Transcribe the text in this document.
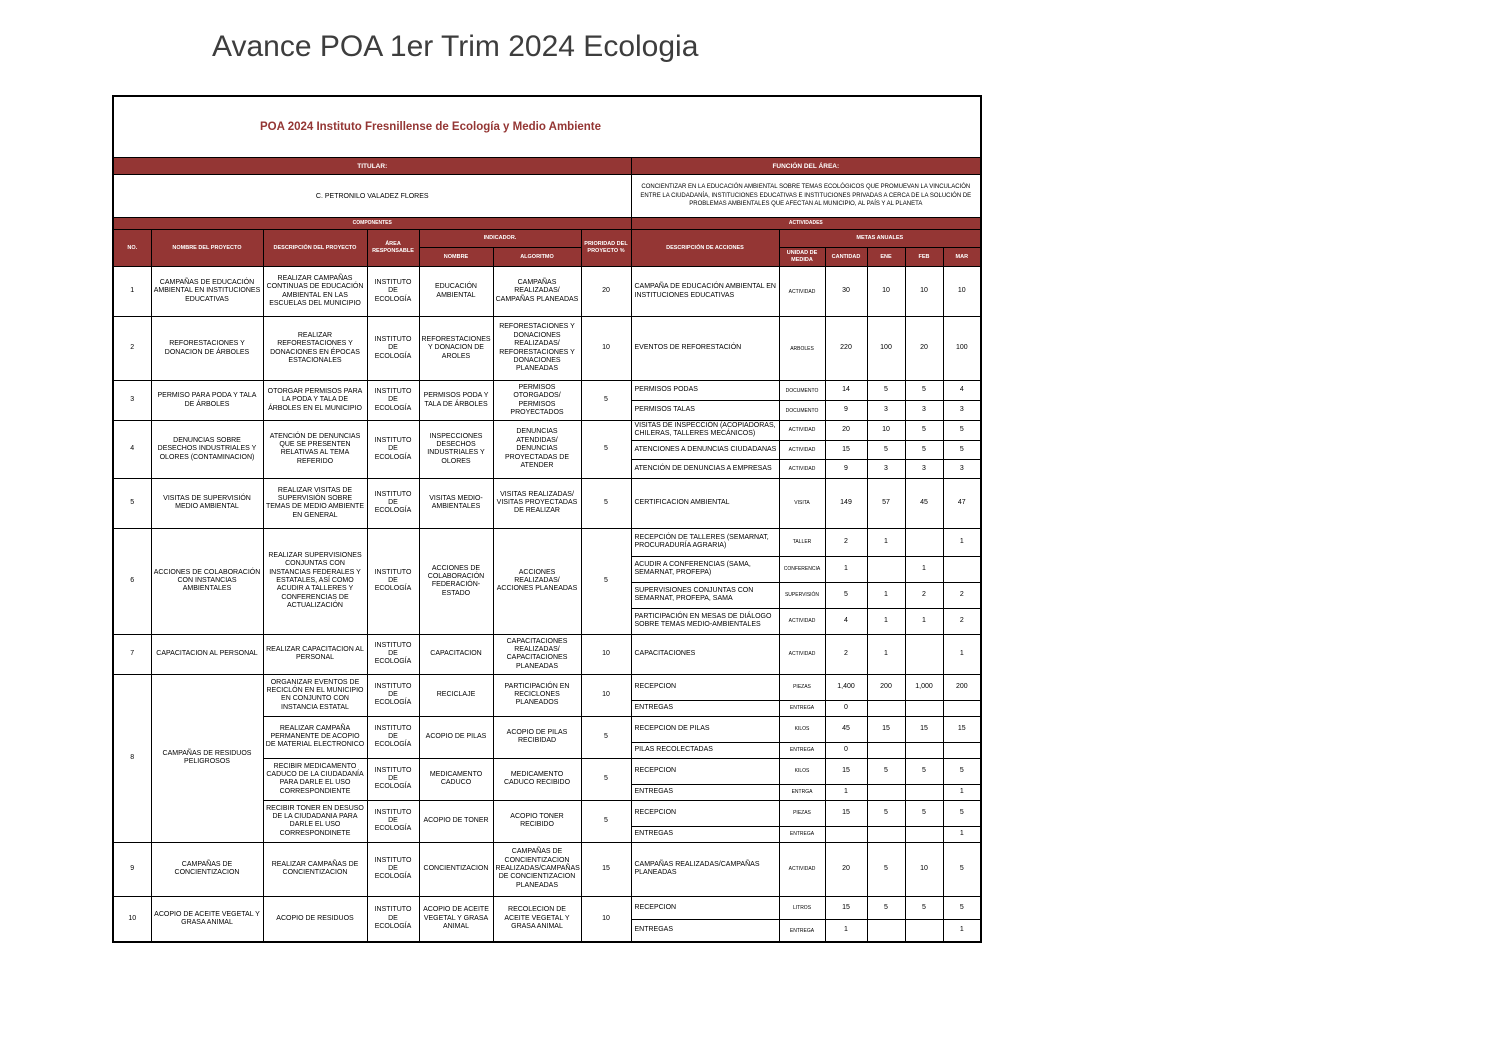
Avance POA 1er Trim 2024 Ecologia
POA 2024 Instituto Fresnillense de Ecología y Medio Ambiente												

TITULAR:							FUNCIÓN DEL ÁREA:					
C. PETRONILO VALADEZ FLORES							CONCIENTIZAR EN LA EDUCACIÓN AMBIENTAL SOBRE TEMAS ECOLÓGICOS QUE PROMUEVAN LA VINCULACIÓN ENTRE LA CIUDADANÍA, INSTITUCIONES EDUCATIVAS E INSTITUCIONES PRIVADAS A CERCA DE LA SOLUCIÓN DE PROBLEMAS AMBIENTALES QUE AFECTAN AL MUNICIPIO, AL PAÍS Y AL PLANETA					
COMPONENTES							ACTIVIDADES					
NO.	NOMBRE DEL PROYECTO	DESCRIPCIÓN DEL PROYECTO	ÁREA RESPONSABLE	INDICADOR.		PRIORIDAD DEL PROYECTO %	DESCRIPCIÓN DE ACCIONES	METAS ANUALES				
				NOMBRE	ALGORITMO			UNIDAD DE MEDIDA	CANTIDAD	ENE	FEB	MAR
1	CAMPAÑAS DE EDUCACIÓN AMBIENTAL EN INSTITUCIONES EDUCATIVAS	REALIZAR CAMPAÑAS CONTINUAS DE EDUCACIÓN AMBIENTAL EN LAS ESCUELAS DEL MUNICIPIO	INSTITUTO DE ECOLOGÍA	EDUCACIÓN AMBIENTAL	CAMPAÑAS REALIZADAS/ CAMPAÑAS PLANEADAS	20	CAMPAÑA DE EDUCACIÓN AMBIENTAL EN INSTITUCIONES EDUCATIVAS	ACTIVIDAD	30	10	10	10
2	REFORESTACIONES Y DONACION DE ÁRBOLES	REALIZAR REFORESTACIONES Y DONACIONES EN ÉPOCAS ESTACIONALES	INSTITUTO DE ECOLOGÍA	REFORESTACIONES Y DONACION DE AROLES	REFORESTACIONES Y DONACIONES REALIZADAS/ REFORESTACIONES Y DONACIONES PLANEADAS	10	EVENTOS DE REFORESTACIÓN	ARBOLES	220	100	20	100
3	PERMISO PARA PODA Y TALA DE ÁRBOLES	OTORGAR PERMISOS PARA LA PODA Y TALA DE ÁRBOLES EN EL MUNICIPIO	INSTITUTO DE ECOLOGÍA	PERMISOS PODA Y TALA DE ÁRBOLES	PERMISOS OTORGADOS/ PERMISOS PROYECTADOS	5	PERMISOS PODAS	DOCUMENTO	14	5	5	4
							PERMISOS TALAS	DOCUMENTO	9	3	3	3
4	DENUNCIAS SOBRE DESECHOS INDUSTRIALES Y OLORES (CONTAMINACION)	ATENCIÓN DE DENUNCIAS QUE SE PRESENTEN RELATIVAS AL TEMA REFERIDO	INSTITUTO DE ECOLOGÍA	INSPECCIONES DESECHOS INDUSTRIALES Y OLORES	DENUNCIAS ATENDIDAS/ DENUNCIAS PROYECTADAS DE ATENDER	5	VISITAS DE INSPECCIÓN (ACOPIADORAS, CHILERAS, TALLERES MECÁNICOS)	ACTIVIDAD	20	10	5	5
							ATENCIONES A DENUNCIAS CIUDADANAS	ACTIVIDAD	15	5	5	5
							ATENCIÓN DE DENUNCIAS A EMPRESAS	ACTIVIDAD	9	3	3	3
5	VISITAS DE SUPERVISIÓN MEDIO AMBIENTAL	REALIZAR VISITAS DE SUPERVISIÓN SOBRE TEMAS DE MEDIO AMBIENTE EN GENERAL	INSTITUTO DE ECOLOGÍA	VISITAS MEDIO-AMBIENTALES	VISITAS REALIZADAS/ VISITAS PROYECTADAS DE REALIZAR	5	CERTIFICACION AMBIENTAL	VISITA	149	57	45	47
6	ACCIONES DE COLABORACIÓN CON INSTANCIAS AMBIENTALES	REALIZAR SUPERVISIONES CONJUNTAS CON INSTANCIAS FEDERALES Y ESTATALES, ASÍ COMO ACUDIR A TALLERES Y CONFERENCIAS DE ACTUALIZACIÓN	INSTITUTO DE ECOLOGÍA	ACCIONES DE COLABORACIÓN FEDERACIÓN-ESTADO	ACCIONES REALIZADAS/ ACCIONES PLANEADAS	5	RECEPCIÓN DE TALLERES (SEMARNAT, PROCURADURÍA AGRARIA)	TALLER	2	1		1
							ACUDIR A CONFERENCIAS (SAMA, SEMARNAT, PROFEPA)	CONFERENCIA	1		1	
							SUPERVISIONES CONJUNTAS CON SEMARNAT, PROFEPA, SAMA	SUPERVISIÓN	5	1	2	2
							PARTICIPACIÓN EN MESAS DE DIÁLOGO SOBRE TEMAS MEDIO-AMBIENTALES	ACTIVIDAD	4	1	1	2
7	CAPACITACION AL PERSONAL	REALIZAR CAPACITACION AL PERSONAL	INSTITUTO DE ECOLOGÍA	CAPACITACION	CAPACITACIONES REALIZADAS/ CAPACITACIONES PLANEADAS	10	CAPACITACIONES	ACTIVIDAD	2	1		1
8	CAMPAÑAS DE RESIDUOS PELIGROSOS	ORGANIZAR EVENTOS DE RECICLÓN EN EL MUNICIPIO EN CONJUNTO CON INSTANCIA ESTATAL	INSTITUTO DE ECOLOGÍA	RECICLAJE	PARTICIPACIÓN EN RECICLONES PLANEADOS	10	RECEPCION	PIEZAS	1,400	200	1,000	200
							ENTREGAS	ENTREGA	0			
		REALIZAR CAMPAÑA PERMANENTE DE ACOPIO DE MATERIAL ELECTRONICO	INSTITUTO DE ECOLOGÍA	ACOPIO DE PILAS	ACOPIO DE PILAS RECIBIDAD	5	RECEPCION DE PILAS	KILOS	45	15	15	15
							PILAS RECOLECTADAS	ENTREGA	0			
		RECIBIR MEDICAMENTO CADUCO DE LA CIUDADANÍA PARA DARLE EL USO CORRESPONDIENTE	INSTITUTO DE ECOLOGÍA	MEDICAMENTO CADUCO	MEDICAMENTO CADUCO RECIBIDO	5	RECEPCION	KILOS	15	5	5	5
							ENTREGAS	ENTRGA	1			1
		RECIBIR TONER EN DESUSO DE LA CIUDADANIA PARA DARLE EL USO CORRESPONDINETE	INSTITUTO DE ECOLOGÍA	ACOPIO DE TONER	ACOPIO TONER RECIBIDO	5	RECEPCION	PIEZAS	15	5	5	5
							ENTREGAS	ENTREGA				1
9	CAMPAÑAS DE CONCIENTIZACION	REALIZAR CAMPAÑAS DE CONCIENTIZACION	INSTITUTO DE ECOLOGÍA	CONCIENTIZACION	CAMPAÑAS DE CONCIENTIZACION REALIZADAS/CAMPAÑAS DE CONCIENTIZACION PLANEADAS	15	CAMPAÑAS REALIZADAS/CAMPAÑAS PLANEADAS	ACTIVIDAD	20	5	10	5
10	ACOPIO DE ACEITE VEGETAL Y GRASA ANIMAL	ACOPIO DE RESIDUOS	INSTITUTO DE ECOLOGÍA	ACOPIO DE ACEITE VEGETAL Y GRASA ANIMAL	RECOLECION DE ACEITE VEGETAL Y GRASA ANIMAL	10	RECEPCION	LITROS	15	5	5	5
							ENTREGAS	ENTREGA	1			1
